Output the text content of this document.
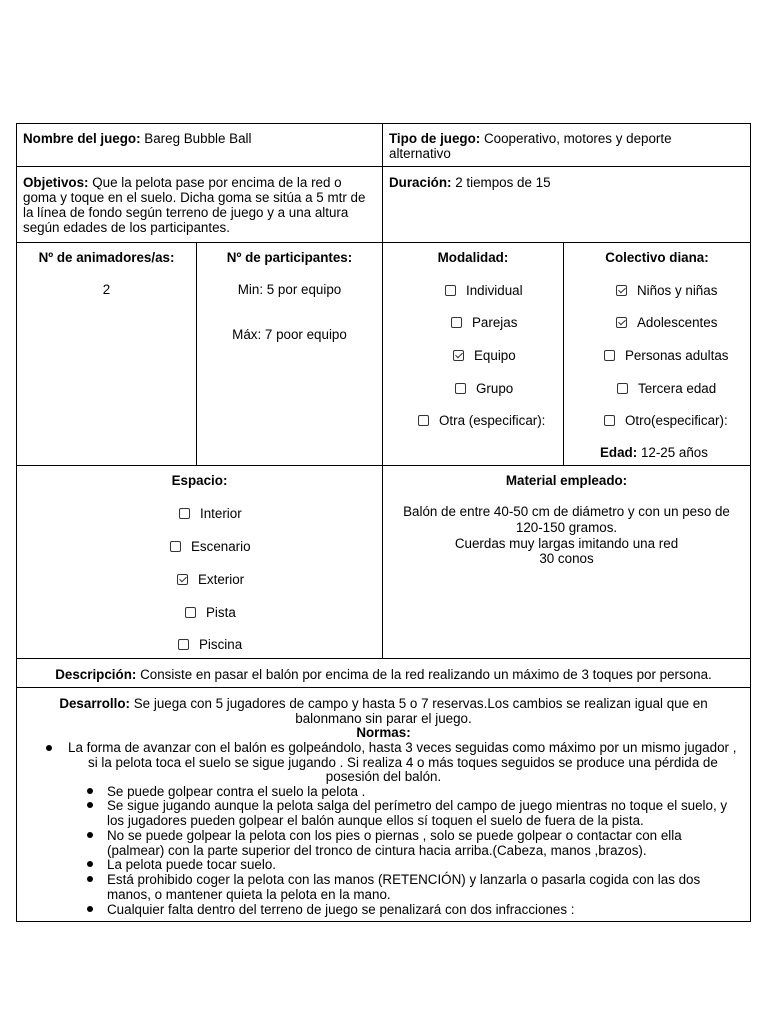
Nombre del juego: Bareg Bubble Ball	Tipo de juego: Cooperativo, motores y deporte alternativo
Objetivos: Que la pelota pase por encima de la red o goma y toque en el suelo. Dicha goma se sitúa a 5 mtr de la línea de fondo según terreno de juego y a una altura según edades de los participantes.
Duración: 2 tiempos de 15
Nº de animadores/as:
2
Nº de participantes:
Min: 5 por equipo
Máx: 7 poor equipo
Modalidad:
Individual
Parejas
Equipo
Grupo
Otra (especificar):
Colectivo diana:
Niños y niñas
Adolescentes
Personas adultas
Tercera edad
Otro(especificar):
Edad: 12-25 años
Espacio:
Interior
Escenario
Exterior
Pista
Piscina
Material empleado:
Balón de entre 40-50 cm de diámetro y con un peso de
120-150 gramos.
Cuerdas muy largas imitando una red
30 conos
Descripción: Consiste en pasar el balón por encima de la red realizando un máximo de 3 toques por persona.
Desarrollo: Se juega con 5 jugadores de campo y hasta 5 o 7 reservas.Los cambios se realizan igual que en
balonmano sin parar el juego.
Normas:
La forma de avanzar con el balón es golpeándolo, hasta 3 veces seguidas como máximo por un mismo jugador ,
si la pelota toca el suelo se sigue jugando . Si realiza 4 o más toques seguidos se produce una pérdida de
posesión del balón.
Se puede golpear contra el suelo la pelota .
Se sigue jugando aunque la pelota salga del perímetro del campo de juego mientras no toque el suelo, y
los jugadores pueden golpear el balón aunque ellos sí toquen el suelo de fuera de la pista.
No se puede golpear la pelota con los pies o piernas , solo se puede golpear o contactar con ella
(palmear) con la parte superior del tronco de cintura hacia arriba.(Cabeza, manos ,brazos).
La pelota puede tocar suelo.
Está prohibido coger la pelota con las manos (RETENCIÓN) y lanzarla o pasarla cogida con las dos
manos, o mantener quieta la pelota en la mano.
Cualquier falta dentro del terreno de juego se penalizará con dos infracciones :
